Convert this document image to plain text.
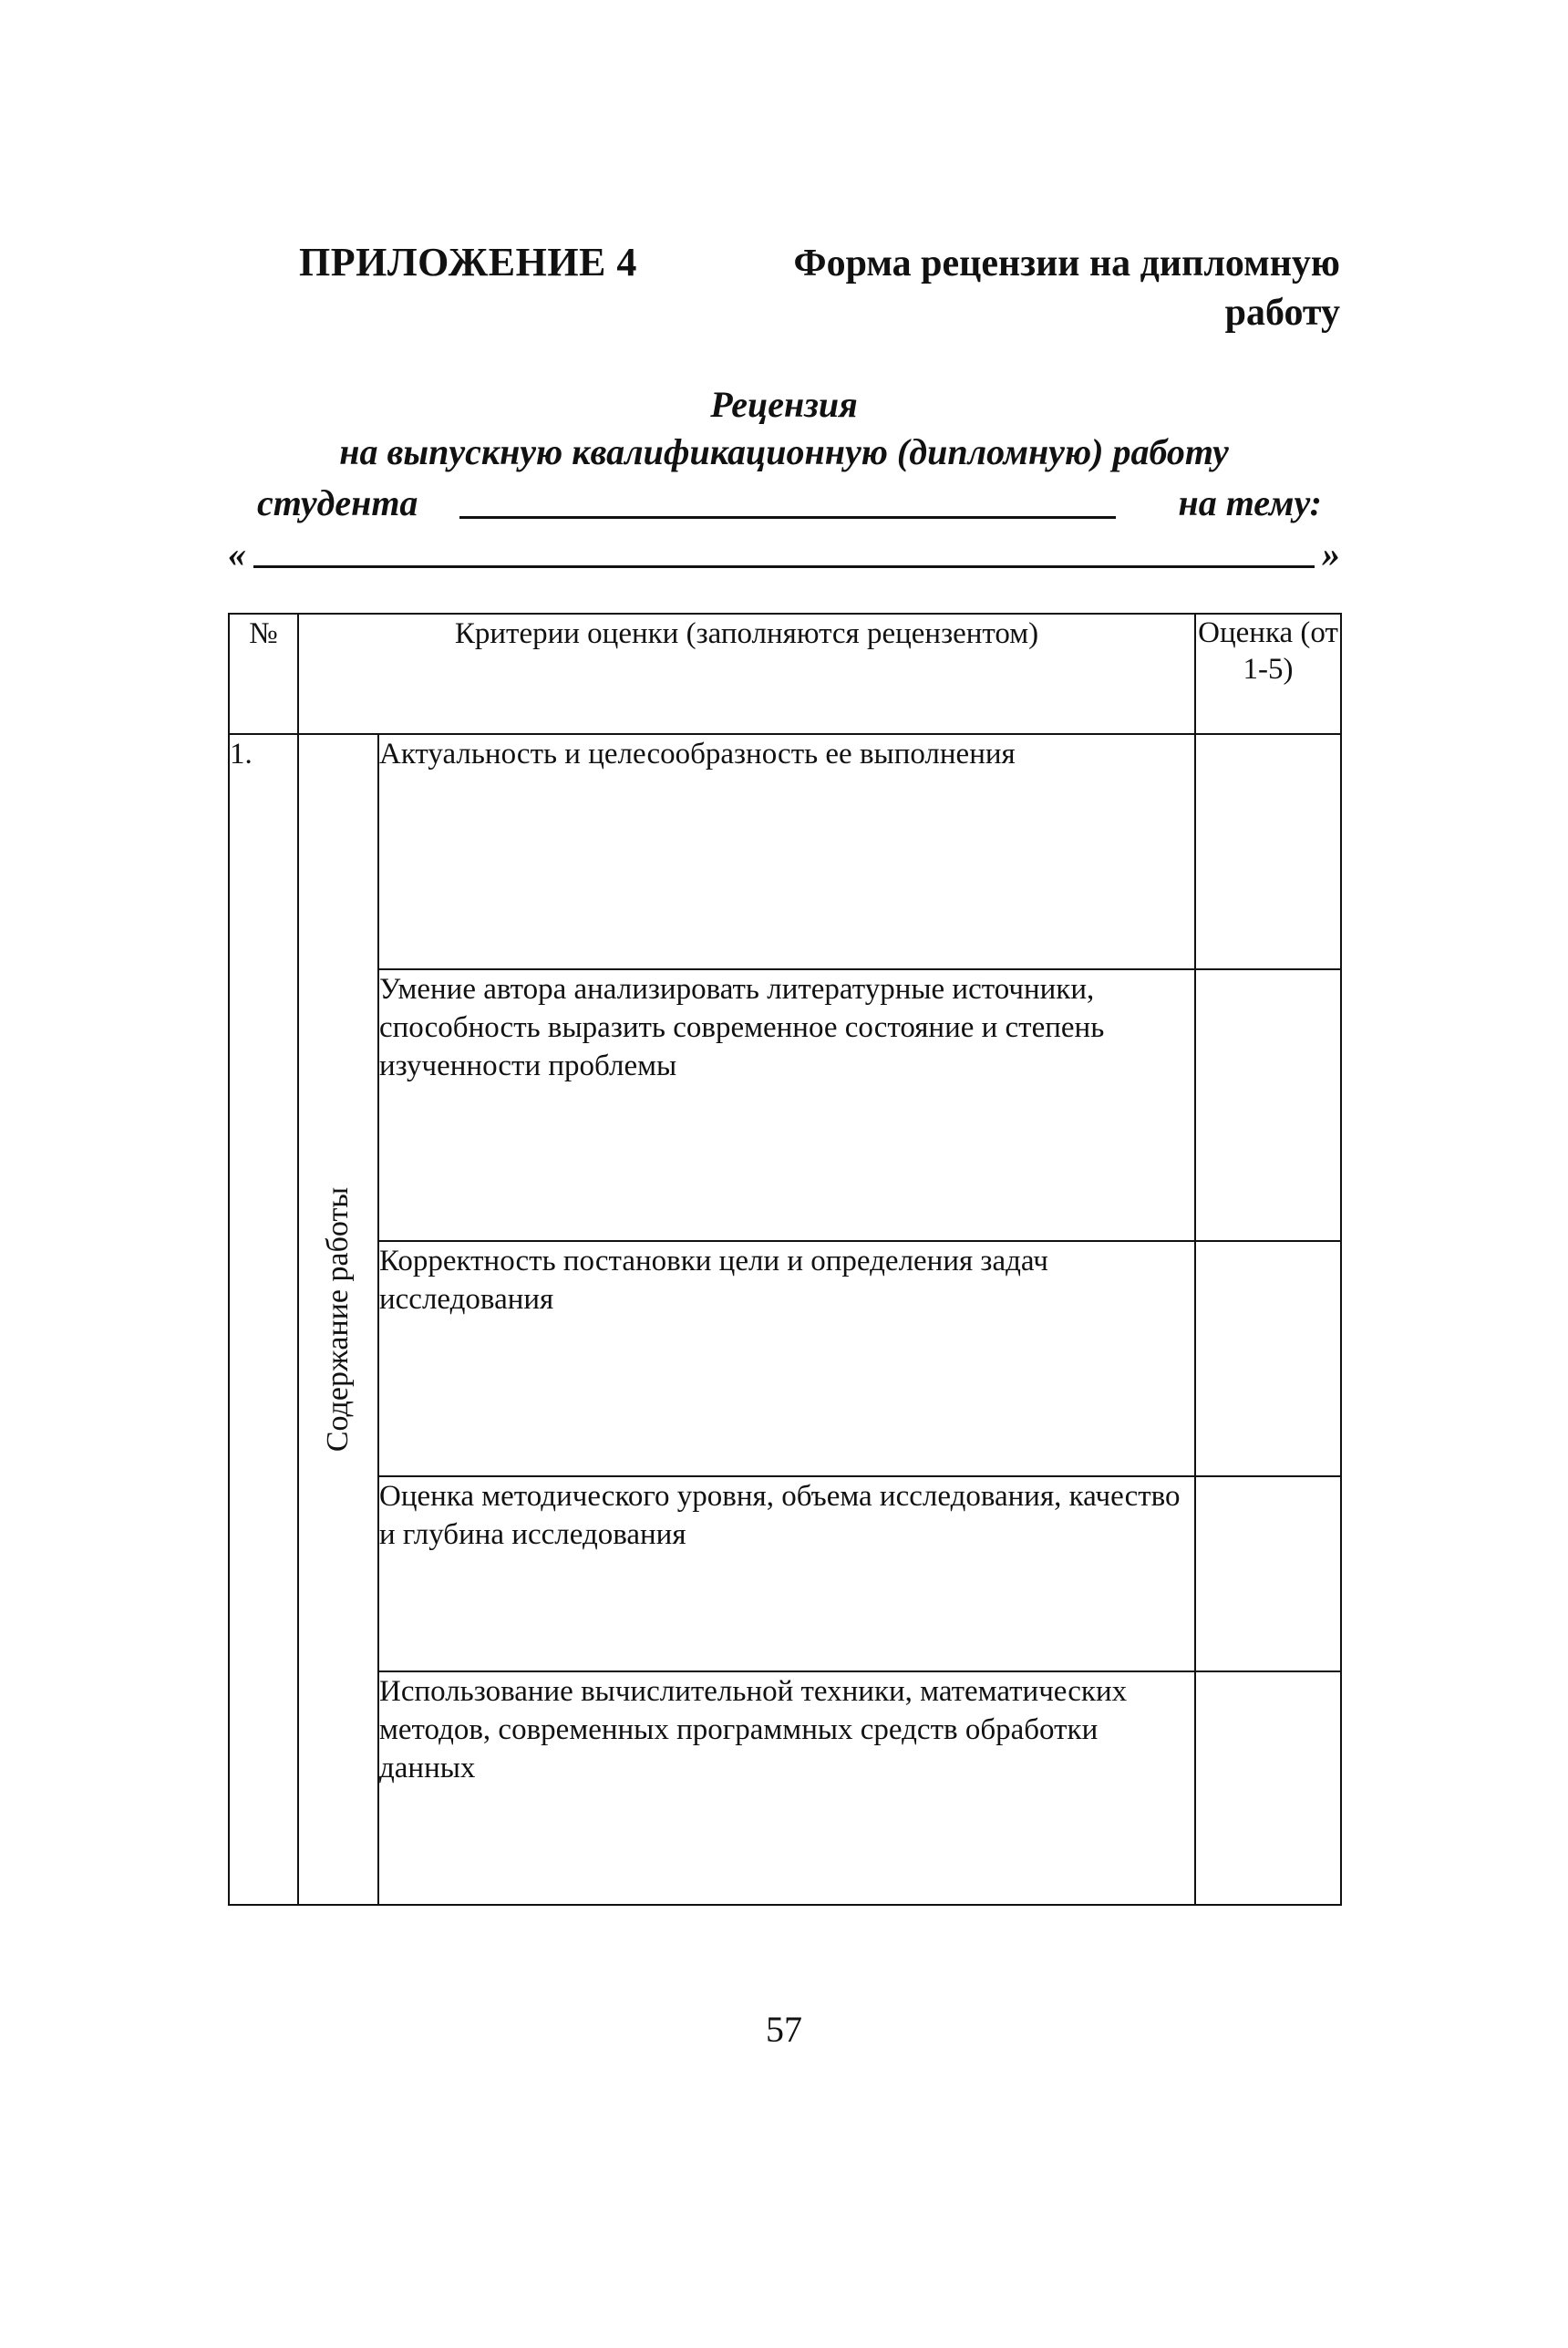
ПРИЛОЖЕНИЕ 4	Форма рецензии на дипломную
работу
Рецензия
на выпускную квалификационную (дипломную) работу
студента	на тему:
«	»
№	Критерии оценки (заполняются рецензентом)		Оценка (от 1-5)
1.	Содержание работы	Актуальность и целесообразность ее выполнения	
		Умение автора анализировать литературные источники, способность выразить современное состояние и степень изученности проблемы	
		Корректность постановки цели и определения задач исследования	
		Оценка методического уровня, объема исследования, качество и глубина исследования	
		Использование вычислительной техники, математических методов, современных программных средств обработки данных	
57
